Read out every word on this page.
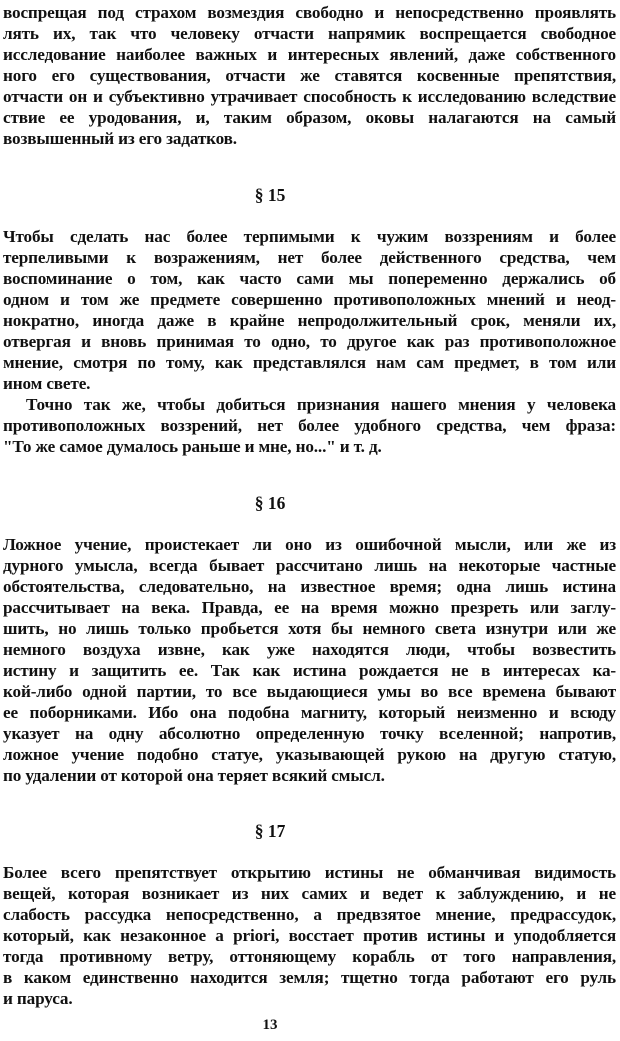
воспрещая под страхом возмездия свободно и непосредственно проявлять
лять их, так что человеку отчасти напрямик воспрещается свободное
исследование наиболее важных и интересных явлений, даже собственного
ного его существования, отчасти же ставятся косвенные препятствия,
отчасти он и субъективно утрачивает способность к исследованию вследствие
ствие ее уродования, и, таким образом, оковы налагаются на самый
возвышенный из его задатков.
§ 15
Чтобы сделать нас более терпимыми к чужим воззрениям и более
терпеливыми к возражениям, нет более действенного средства, чем
воспоминание о том, как часто сами мы попеременно держались об
одном и том же предмете совершенно противоположных мнений и неод-
нократно, иногда даже в крайне непродолжительный срок, меняли их,
отвергая и вновь принимая то одно, то другое как раз противоположное
мнение, смотря по тому, как представлялся нам сам предмет, в том или
ином свете.
Точно так же, чтобы добиться признания нашего мнения у человека
противоположных воззрений, нет более удобного средства, чем фраза:
"То же самое думалось раньше и мне, но..." и т. д.
§ 16
Ложное учение, проистекает ли оно из ошибочной мысли, или же из
дурного умысла, всегда бывает рассчитано лишь на некоторые частные
обстоятельства, следовательно, на известное время; одна лишь истина
рассчитывает на века. Правда, ее на время можно презреть или заглу-
шить, но лишь только пробьется хотя бы немного света изнутри или же
немного воздуха извне, как уже находятся люди, чтобы возвестить
истину и защитить ее. Так как истина рождается не в интересах ка-
кой-либо одной партии, то все выдающиеся умы во все времена бывают
ее поборниками. Ибо она подобна магниту, который неизменно и всюду
указует на одну абсолютно определенную точку вселенной; напротив,
ложное учение подобно статуе, указывающей рукою на другую статую,
по удалении от которой она теряет всякий смысл.
§ 17
Более всего препятствует открытию истины не обманчивая видимость
вещей, которая возникает из них самих и ведет к заблуждению, и не
слабость рассудка непосредственно, а предвзятое мнение, предрассудок,
который, как незаконное a priori, восстает против истины и уподобляется
тогда противному ветру, оттоняющему корабль от того направления,
в каком единственно находится земля; тщетно тогда работают его руль
и паруса.
13
